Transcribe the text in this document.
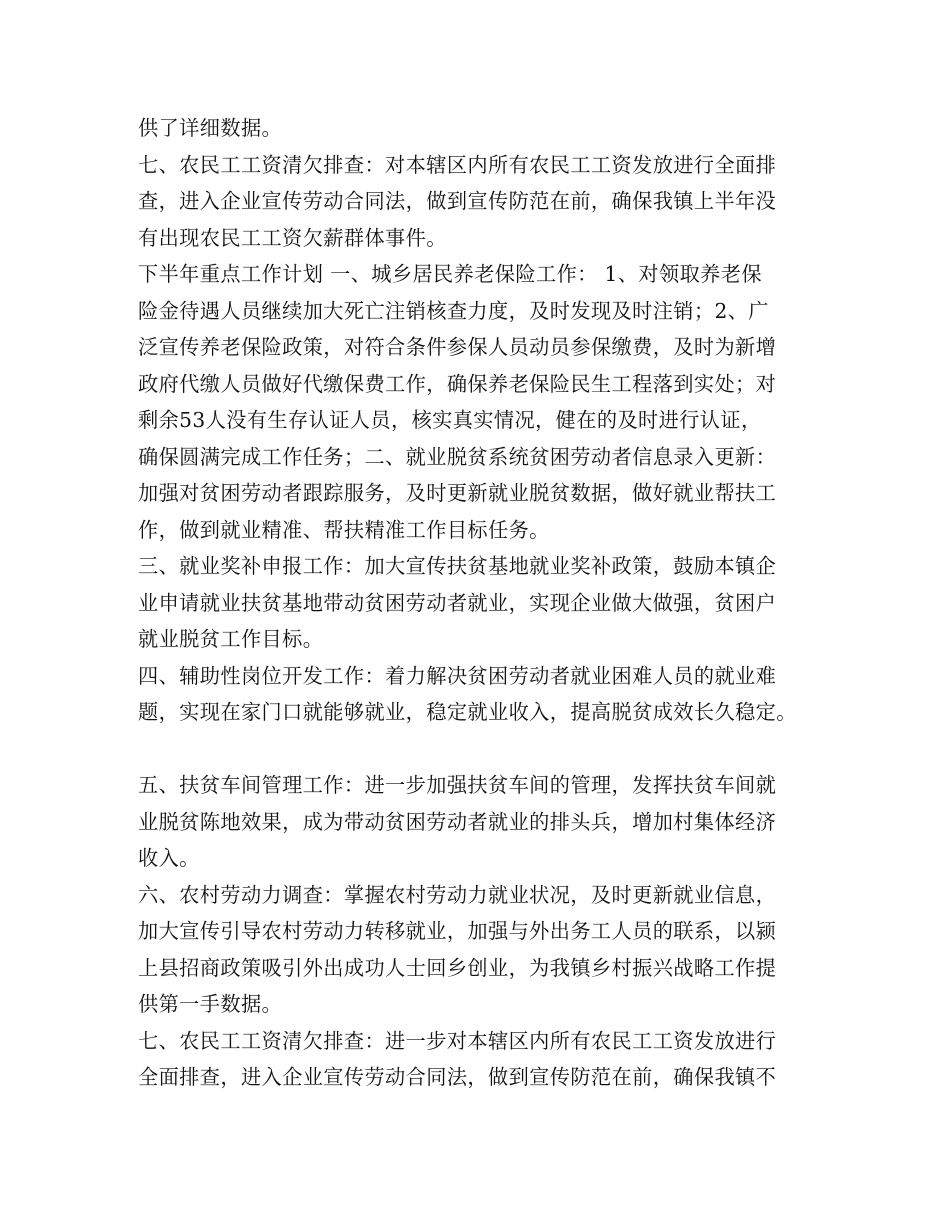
供了详细数据。
七、农民工工资清欠排查：对本辖区内所有农民工工资发放进行全面排
查，进入企业宣传劳动合同法，做到宣传防范在前，确保我镇上半年没
有出现农民工工资欠薪群体事件。
下半年重点工作计划 一、城乡居民养老保险工作： 1、对领取养老保
险金待遇人员继续加大死亡注销核查力度，及时发现及时注销；2、广
泛宣传养老保险政策，对符合条件参保人员动员参保缴费，及时为新增
政府代缴人员做好代缴保费工作，确保养老保险民生工程落到实处；对
剩余53人没有生存认证人员，核实真实情况，健在的及时进行认证，
确保圆满完成工作任务；二、就业脱贫系统贫困劳动者信息录入更新：
加强对贫困劳动者跟踪服务，及时更新就业脱贫数据，做好就业帮扶工
作，做到就业精准、帮扶精准工作目标任务。
三、就业奖补申报工作：加大宣传扶贫基地就业奖补政策，鼓励本镇企
业申请就业扶贫基地带动贫困劳动者就业，实现企业做大做强，贫困户
就业脱贫工作目标。
四、辅助性岗位开发工作：着力解决贫困劳动者就业困难人员的就业难
题，实现在家门口就能够就业，稳定就业收入，提高脱贫成效长久稳定。
五、扶贫车间管理工作：进一步加强扶贫车间的管理，发挥扶贫车间就
业脱贫陈地效果，成为带动贫困劳动者就业的排头兵，增加村集体经济
收入。
六、农村劳动力调查：掌握农村劳动力就业状况，及时更新就业信息，
加大宣传引导农村劳动力转移就业，加强与外出务工人员的联系，以颍
上县招商政策吸引外出成功人士回乡创业，为我镇乡村振兴战略工作提
供第一手数据。
七、农民工工资清欠排查：进一步对本辖区内所有农民工工资发放进行
全面排查，进入企业宣传劳动合同法，做到宣传防范在前，确保我镇不
